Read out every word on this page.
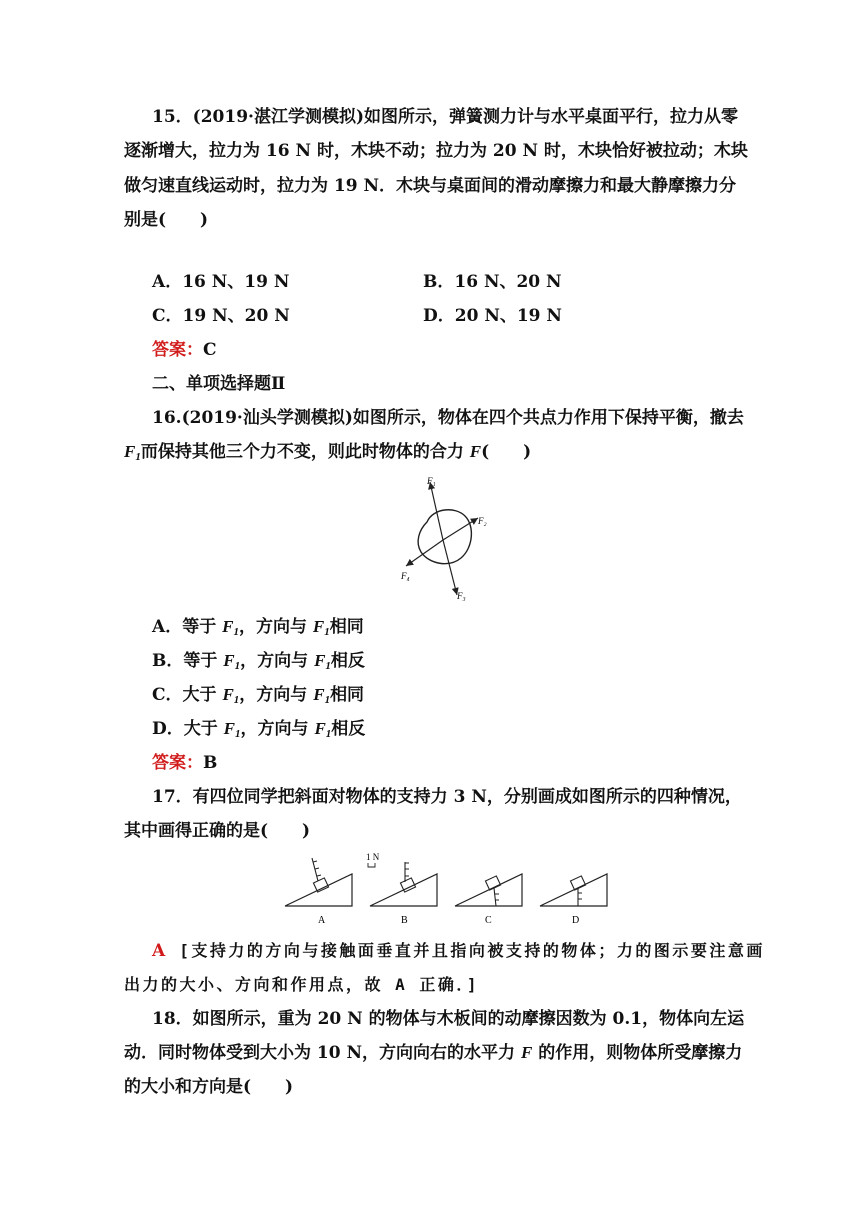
15．(2019·湛江学测模拟)如图所示，弹簧测力计与水平桌面平行，拉力从零
逐渐增大，拉力为 16 N 时，木块不动；拉力为 20 N 时，木块恰好被拉动；木块
做匀速直线运动时，拉力为 19 N．木块与桌面间的滑动摩擦力和最大静摩擦力分
别是(　　)
A．16 N、19 N	B．16 N、20 N
C．19 N、20 N	D．20 N、19 N
答案：C
二、单项选择题Ⅱ
16.(2019·汕头学测模拟)如图所示，物体在四个共点力作用下保持平衡，撤去
$F_1$而保持其他三个力不变，则此时物体的合力 F(　　)
F₁
F₂
F₃
F₄
A．等于 $F_1$，方向与 $F_1$相同
B．等于 $F_1$，方向与 $F_1$相反
C．大于 $F_1$，方向与 $F_1$相同
D．大于 $F_1$，方向与 $F_1$相反
答案：B
17．有四位同学把斜面对物体的支持力 3 N，分别画成如图所示的四种情况，
其中画得正确的是(　　)
A
1 N
B	C	D
A [支持力的方向与接触面垂直并且指向被支持的物体；力的图示要注意画
出力的大小、方向和作用点，故 A 正确．]
18．如图所示，重为 20 N 的物体与木板间的动摩擦因数为 0.1，物体向左运
动．同时物体受到大小为 10 N，方向向右的水平力 F 的作用，则物体所受摩擦力
的大小和方向是(　　)
